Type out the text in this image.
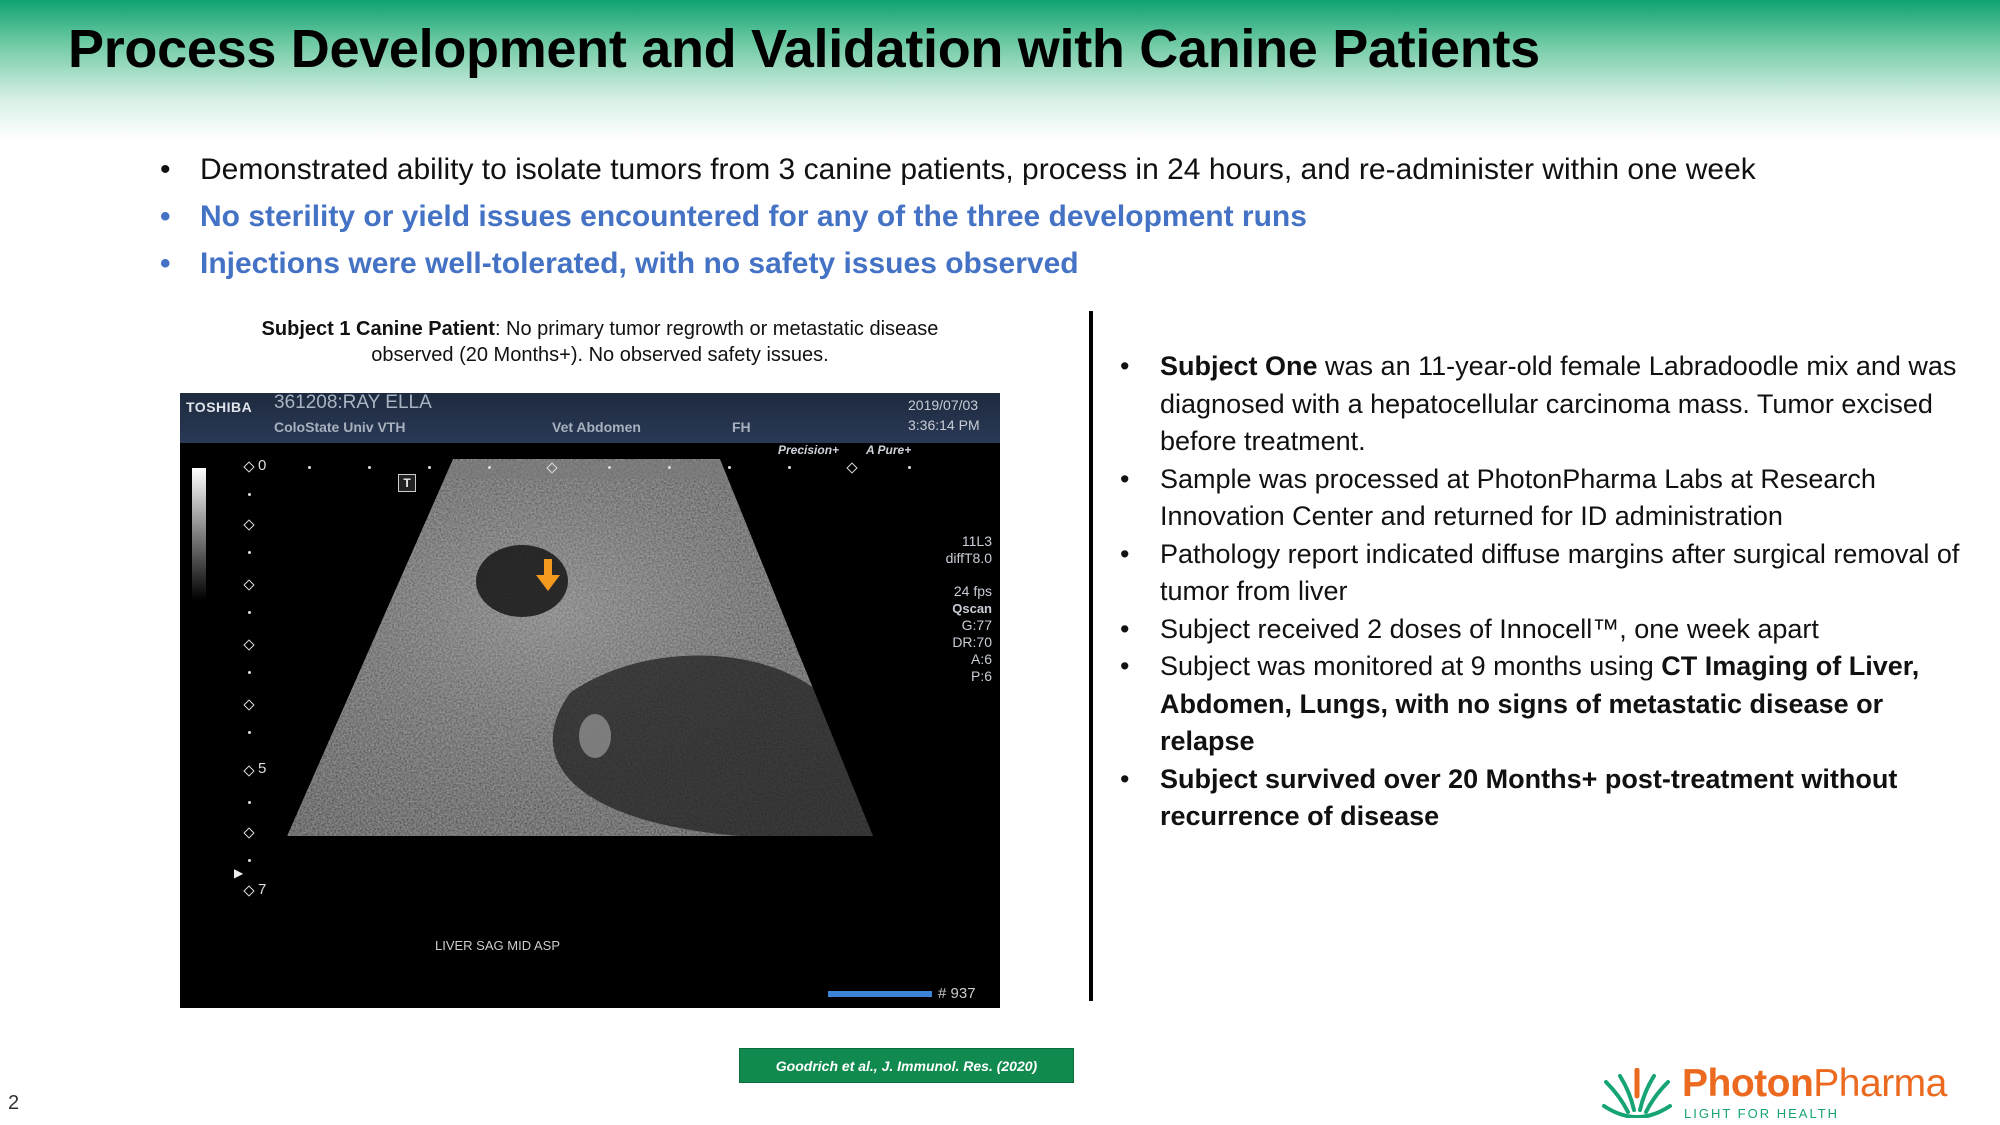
Process Development and Validation with Canine Patients
• Demonstrated ability to isolate tumors from 3 canine patients, process in 24 hours, and re-administer within one week
• No sterility or yield issues encountered for any of the three development runs
• Injections were well-tolerated, with no safety issues observed
Subject 1 Canine Patient: No primary tumor regrowth or metastatic disease observed (20 Months+). No observed safety issues.
TOSHIBA 361208:RAY ELLA
ColoState Univ VTH	Vet Abdomen	FH
2019/07/03
3:36:14 PM
0
5
7
▶
Precision+ A Pure+
T
11L3
diffT8.0
24 fps
Qscan
G:77
DR:70
A:6
P:6
LIVER SAG MID ASP
# 937
• Subject One was an 11-year-old female Labradoodle mix and was diagnosed with a hepatocellular carcinoma mass. Tumor excised before treatment.
• Sample was processed at PhotonPharma Labs at Research Innovation Center and returned for ID administration
• Pathology report indicated diffuse margins after surgical removal of tumor from liver
• Subject received 2 doses of Innocell™, one week apart
• Subject was monitored at 9 months using CT Imaging of Liver, Abdomen, Lungs, with no signs of metastatic disease or relapse
• Subject survived over 20 Months+ post-treatment without recurrence of disease
Goodrich et al., J. Immunol. Res. (2020)
2	PhotonPharma
LIGHT FOR HEALTH
